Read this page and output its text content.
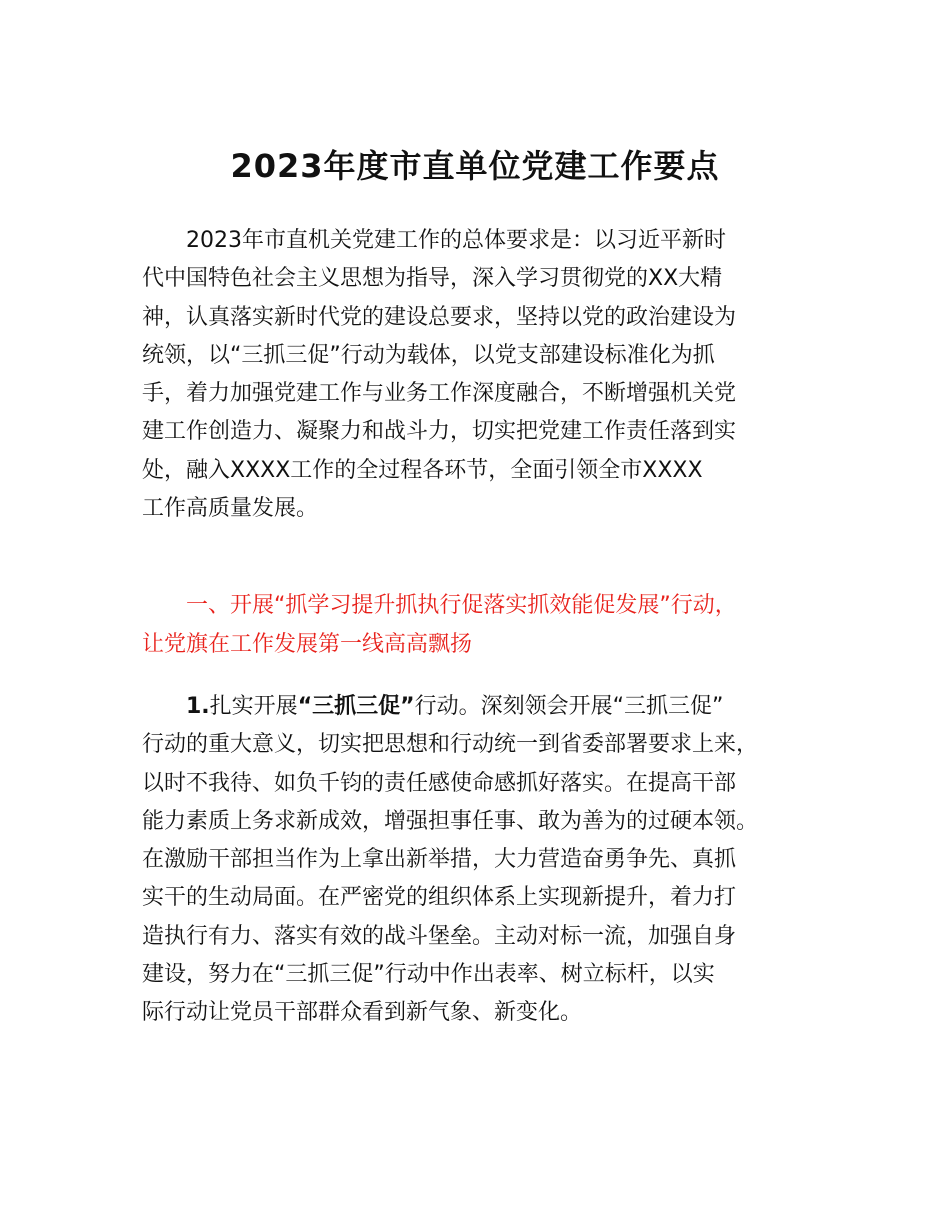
2023年度市直单位党建工作要点

2023年市直机关党建工作的总体要求是：以习近平新时
代中国特色社会主义思想为指导，深入学习贯彻党的XX大精
神，认真落实新时代党的建设总要求，坚持以党的政治建设为
统领，以“三抓三促”行动为载体，以党支部建设标准化为抓
手，着力加强党建工作与业务工作深度融合，不断增强机关党
建工作创造力、凝聚力和战斗力，切实把党建工作责任落到实
处，融入XXXX工作的全过程各环节，全面引领全市XXXX
工作高质量发展。

一、开展“抓学习提升抓执行促落实抓效能促发展”行动，
让党旗在工作发展第一线高高飘扬

1.扎实开展“三抓三促”行动。深刻领会开展“三抓三促”
行动的重大意义，切实把思想和行动统一到省委部署要求上来，
以时不我待、如负千钧的责任感使命感抓好落实。在提高干部
能力素质上务求新成效，增强担事任事、敢为善为的过硬本领。
在激励干部担当作为上拿出新举措，大力营造奋勇争先、真抓
实干的生动局面。在严密党的组织体系上实现新提升，着力打
造执行有力、落实有效的战斗堡垒。主动对标一流，加强自身
建设，努力在“三抓三促”行动中作出表率、树立标杆，以实
际行动让党员干部群众看到新气象、新变化。
